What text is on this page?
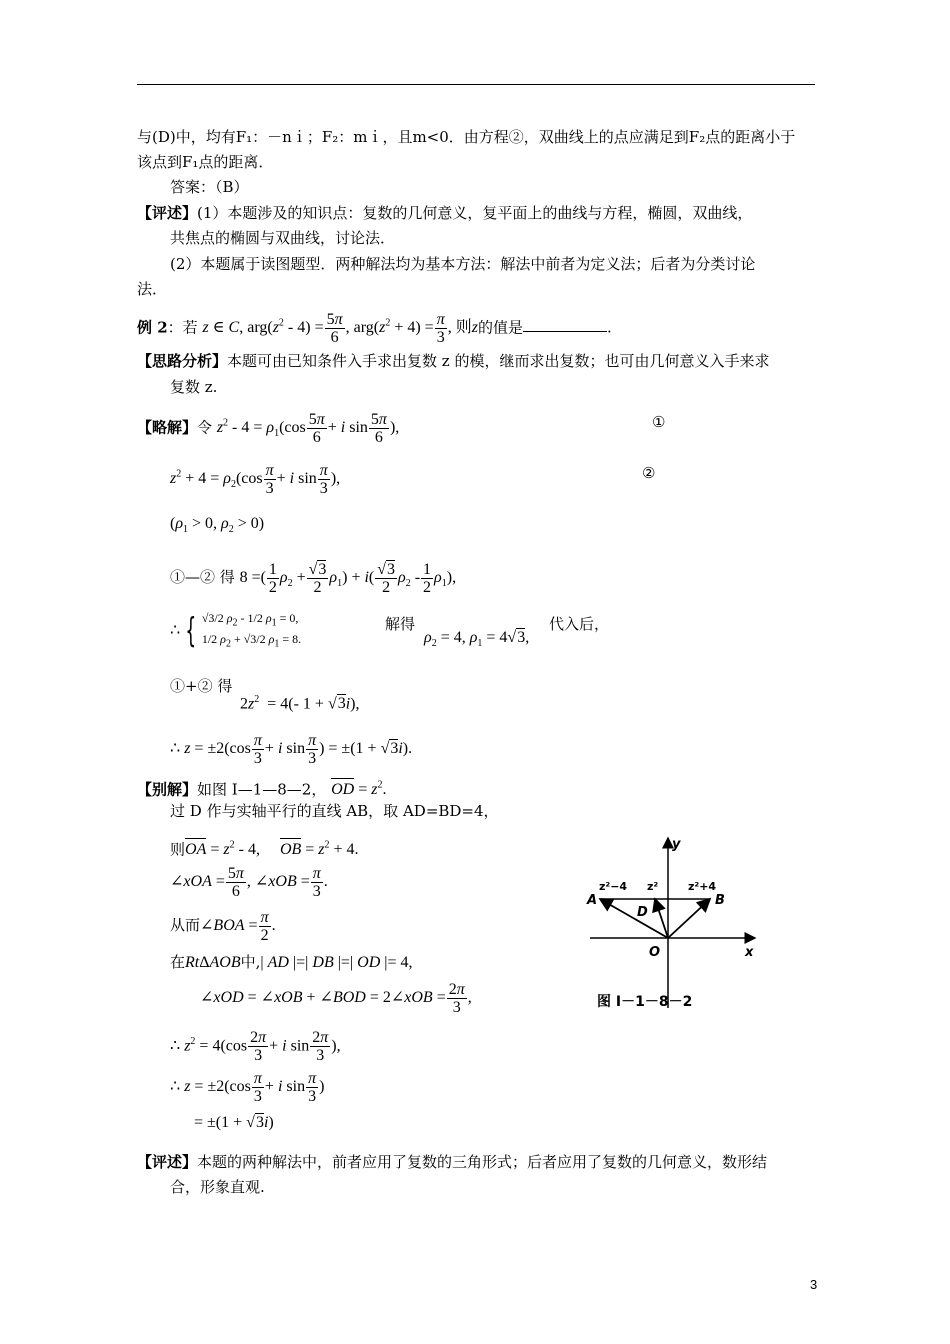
与(D)中，均有F₁：－nｉ；F₂：mｉ，且m<0．由方程②，双曲线上的点应满足到F₂点的距离小于
该点到F₁点的距离．
答案：（B）
【评述】(1）本题涉及的知识点：复数的几何意义，复平面上的曲线与方程，椭圆，双曲线，
共焦点的椭圆与双曲线，讨论法．
(2）本题属于读图题型．两种解法均为基本方法：解法中前者为定义法；后者为分类讨论
法．
例 2：若 z ∈ C, $arg(z^2 - 4) = \frac{5\pi}{6}$ , $arg(z^2 + 4) = \frac{\pi}{3}$ , 则z的值是	.
【思路分析】本题可由已知条件入手求出复数 z 的模，继而求出复数；也可由几何意义入手来求
复数 z.
【略解】令 $z^2 - 4 = \rho_1(\cos \frac{5\pi}{6} + i$ $\sin \frac{5\pi}{6}$ ),	①
$z^2 + 4 = \rho_2(\cos \frac{\pi}{3} + i$ $\sin \frac{\pi}{3}$ ),	②
($\rho_1 > 0$, $\rho_2 > 0$)
①—② 得 8 =( $\frac{1}{2} \rho_2 + \frac{√3}{2} \rho_1) + i( \frac{√3}{2} \rho_2 - \frac{1}{2} \rho_1)$,
∴ { √3/2 $\rho_2 - 1/2$ $\rho_1 = 0$,
1/2 $\rho_2 + √3/2$ $\rho_1 = 8$.
解得
$\rho_2 = 4$, $\rho_1 = 4√3$,
代入后，
①+② 得
$2z^2 = 4(-$ 1 + √3i),
∴ $z = \pm 2(\cos \frac{\pi}{3} + i$ $\sin \frac{\pi}{3}$ ) = ±(1 + √3i).
【别解】如图 I—1—8—2， OD = $z^2$.
过 D 作与实轴平行的直线 AB，取 AD=BD=4，
则OA = $z^2 - 4$,     OB = $z^2 + 4$.
∠xOA = $\frac{5\pi}{6}$ , ∠xOB = $\frac{\pi}{3}$ .
从而∠BOA = $\frac{\pi}{2}$ .
在RtΔAOB中,| AD |=| DB |=| OD |= 4,
∠xOD = ∠xOB + ∠BOD = 2∠xOB = $\frac{2\pi}{3}$ ,
∴ $z^2 = 4(\cos \frac{2\pi}{3} + i$ $\sin \frac{2\pi}{3}$ ),
∴ $z = \pm 2(\cos \frac{\pi}{3} + i$ $\sin \frac{\pi}{3}$ )
= ±(1 + √3i)
【评述】本题的两种解法中，前者应用了复数的三角形式；后者应用了复数的几何意义，数形结
合，形象直观.
y
x
O
A	B
D
z²−4 z²	z²+4
图 I－1－8－2
3
